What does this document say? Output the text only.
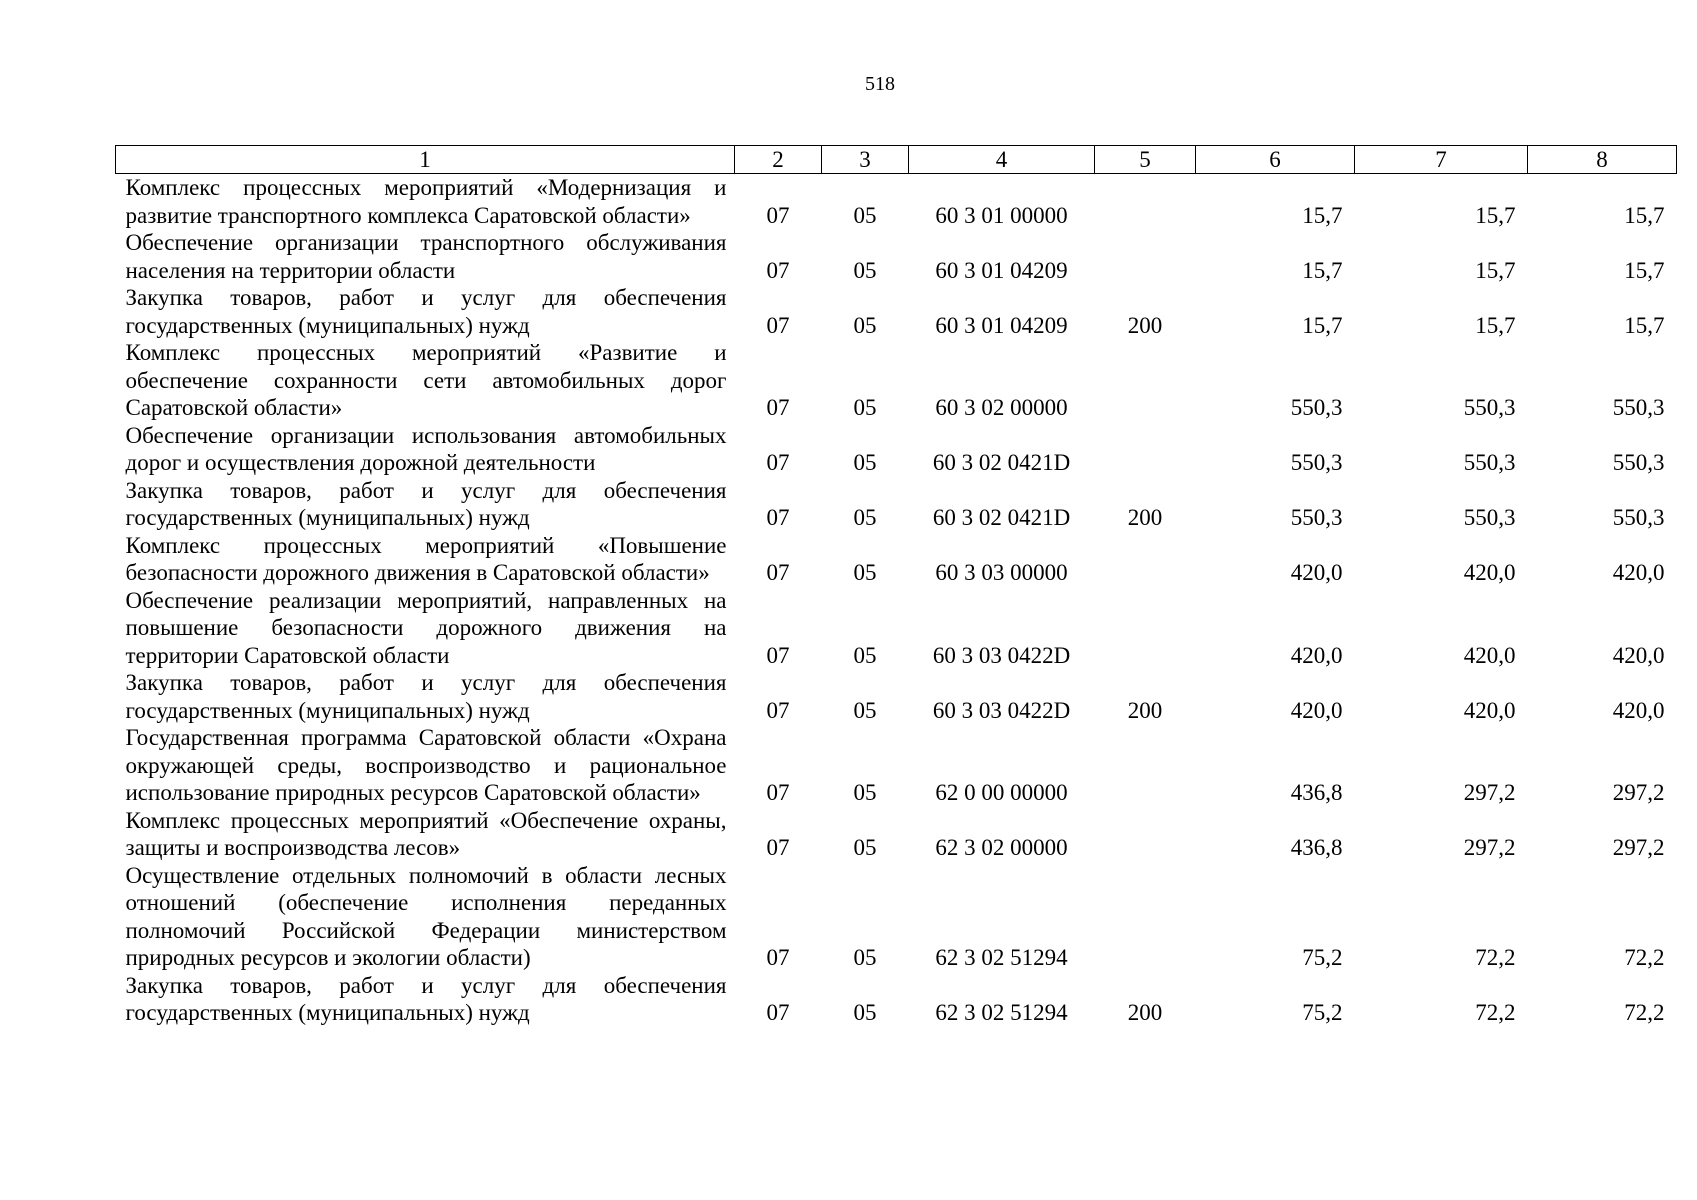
518
1	2	3	4	5	6	7	8
Комплекс процессных мероприятий «Модернизация и развитие транспортного комплекса Саратовской области»	07	05	60 3 01 00000		15,7	15,7	15,7
Обеспечение организации транспортного обслуживания населения на территории области	07	05	60 3 01 04209		15,7	15,7	15,7
Закупка товаров, работ и услуг для обеспечения государственных (муниципальных) нужд	07	05	60 3 01 04209	200	15,7	15,7	15,7
Комплекс процессных мероприятий «Развитие и обеспечение сохранности сети автомобильных дорог Саратовской области»	07	05	60 3 02 00000		550,3	550,3	550,3
Обеспечение организации использования автомобильных дорог и осуществления дорожной деятельности	07	05	60 3 02 0421D		550,3	550,3	550,3
Закупка товаров, работ и услуг для обеспечения государственных (муниципальных) нужд	07	05	60 3 02 0421D	200	550,3	550,3	550,3
Комплекс процессных мероприятий «Повышение безопасности дорожного движения в Саратовской области»	07	05	60 3 03 00000		420,0	420,0	420,0
Обеспечение реализации мероприятий, направленных на повышение безопасности дорожного движения на территории Саратовской области	07	05	60 3 03 0422D		420,0	420,0	420,0
Закупка товаров, работ и услуг для обеспечения государственных (муниципальных) нужд	07	05	60 3 03 0422D	200	420,0	420,0	420,0
Государственная программа Саратовской области «Охрана окружающей среды, воспроизводство и рациональное использование природных ресурсов Саратовской области»	07	05	62 0 00 00000		436,8	297,2	297,2
Комплекс процессных мероприятий «Обеспечение охраны, защиты и воспроизводства лесов»	07	05	62 3 02 00000		436,8	297,2	297,2
Осуществление отдельных полномочий в области лесных отношений (обеспечение исполнения переданных полномочий Российской Федерации министерством природных ресурсов и экологии области)	07	05	62 3 02 51294		75,2	72,2	72,2
Закупка товаров, работ и услуг для обеспечения государственных (муниципальных) нужд	07	05	62 3 02 51294	200	75,2	72,2	72,2
